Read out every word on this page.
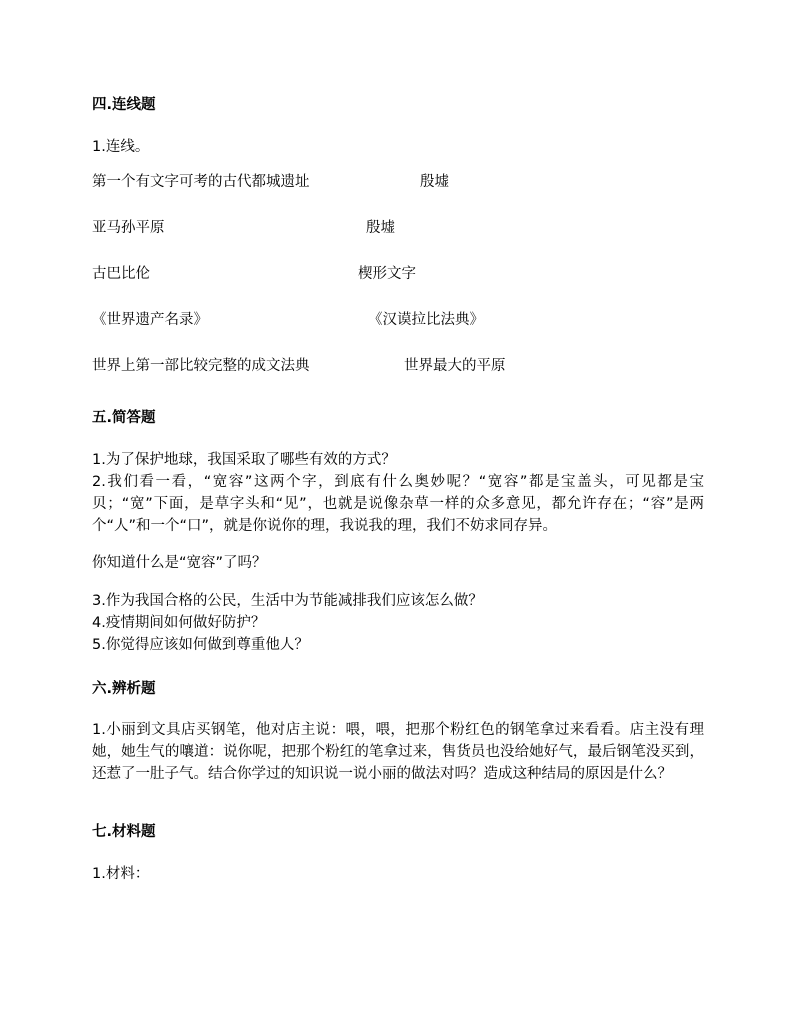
四.连线题
1.连线。
第一个有文字可考的古代都城遗址	殷墟
亚马孙平原	殷墟
古巴比伦	楔形文字
《世界遗产名录》	《汉谟拉比法典》
世界上第一部比较完整的成文法典	世界最大的平原
五.简答题
1.为了保护地球，我国采取了哪些有效的方式？
2.我们看一看，“宽容”这两个字，到底有什么奥妙呢？“宽容”都是宝盖头，可见都是宝贝；“宽”下面，是草字头和“见”，也就是说像杂草一样的众多意见，都允许存在；“容”是两个“人”和一个“口”，就是你说你的理，我说我的理，我们不妨求同存异。
你知道什么是“宽容”了吗？
3.作为我国合格的公民，生活中为节能减排我们应该怎么做？
4.疫情期间如何做好防护？
5.你觉得应该如何做到尊重他人？
六.辨析题
1.小丽到文具店买钢笔，他对店主说：喂，喂，把那个粉红色的钢笔拿过来看看。店主没有理她，她生气的嚷道：说你呢，把那个粉红的笔拿过来，售货员也没给她好气，最后钢笔没买到，还惹了一肚子气。结合你学过的知识说一说小丽的做法对吗？造成这种结局的原因是什么？
七.材料题
1.材料：
